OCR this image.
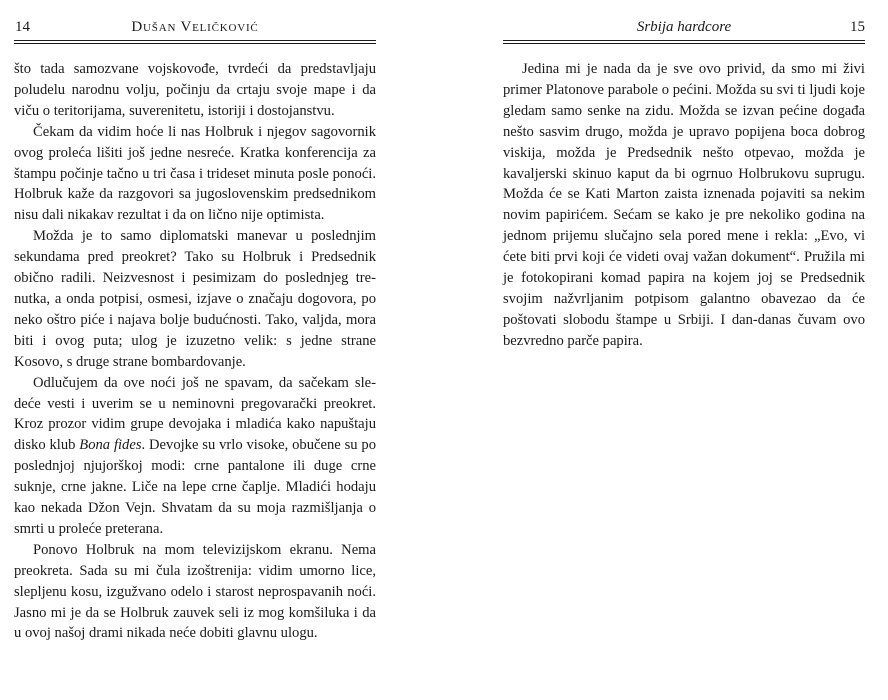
14	Dušan Veličković

što tada samozvane vojskovođe, tvrdeći da predstavljaju poludelu narodnu volju, počinju da crtaju svoje mape i da viču o teritorijama, suverenitetu, istoriji i dostojanstvu.

Čekam da vidim hoće li nas Holbruk i njegov sagovornik ovog proleća lišiti još jedne nesreće. Kratka konferencija za štampu počinje tačno u tri časa i trideset minuta posle ponoći. Holbruk kaže da razgovori sa jugoslovenskim predsednikom nisu dali nikakav rezultat i da on lično nije optimista.

Možda je to samo diplomatski manevar u poslednjim sekundama pred preokret? Tako su Holbruk i Predsednik obično radili. Neizvesnost i pesimizam do poslednjeg trenutka, a onda potpisi, osmesi, izjave o značaju dogovora, po neko oštro piće i najava bolje budućnosti. Tako, valjda, mora biti i ovog puta; ulog je izuzetno velik: s jedne strane Kosovo, s druge strane bombardovanje.

Odlučujem da ove noći još ne spavam, da sačekam sledeće vesti i uverim se u neminovni pregovarački preokret. Kroz prozor vidim grupe devojaka i mladića kako napuštaju disko klub Bona fides. Devojke su vrlo visoke, obučene su po poslednjoj njujorškoj modi: crne pantalone ili duge crne suknje, crne jakne. Liče na lepe crne čaplje. Mladići hodaju kao nekada Džon Vejn. Shvatam da su moja razmišljanja o smrti u proleće preterana.

Ponovo Holbruk na mom televizijskom ekranu. Nema preokreta. Sada su mi čula izoštrenija: vidim umorno lice, slepljenu kosu, izgužvano odelo i starost neprospavanih noći. Jasno mi je da se Holbruk zauvek seli iz mog komšiluka i da u ovoj našoj drami nikada neće dobiti glavnu ulogu.

Srbija hardcore	15

Jedina mi je nada da je sve ovo privid, da smo mi živi primer Platonove parabole o pećini. Možda su svi ti ljudi koje gledam samo senke na zidu. Možda se izvan pećine događa nešto sasvim drugo, možda je upravo popijena boca dobrog viskija, možda je Predsednik nešto otpevao, možda je kavaljerski skinuo kaput da bi ogrnuo Holbrukovu suprugu. Možda će se Kati Marton zaista iznenada pojaviti sa nekim novim papirićem. Sećam se kako je pre nekoliko godina na jednom prijemu slučajno sela pored mene i rekla: „Evo, vi ćete biti prvi koji će videti ovaj važan dokument“. Pružila mi je fotokopirani komad papira na kojem joj se Predsednik svojim nažvrljanim potpisom galantno obavezao da će poštovati slobodu štampe u Srbiji. I dan-danas čuvam ovo bezvredno parče papira.
